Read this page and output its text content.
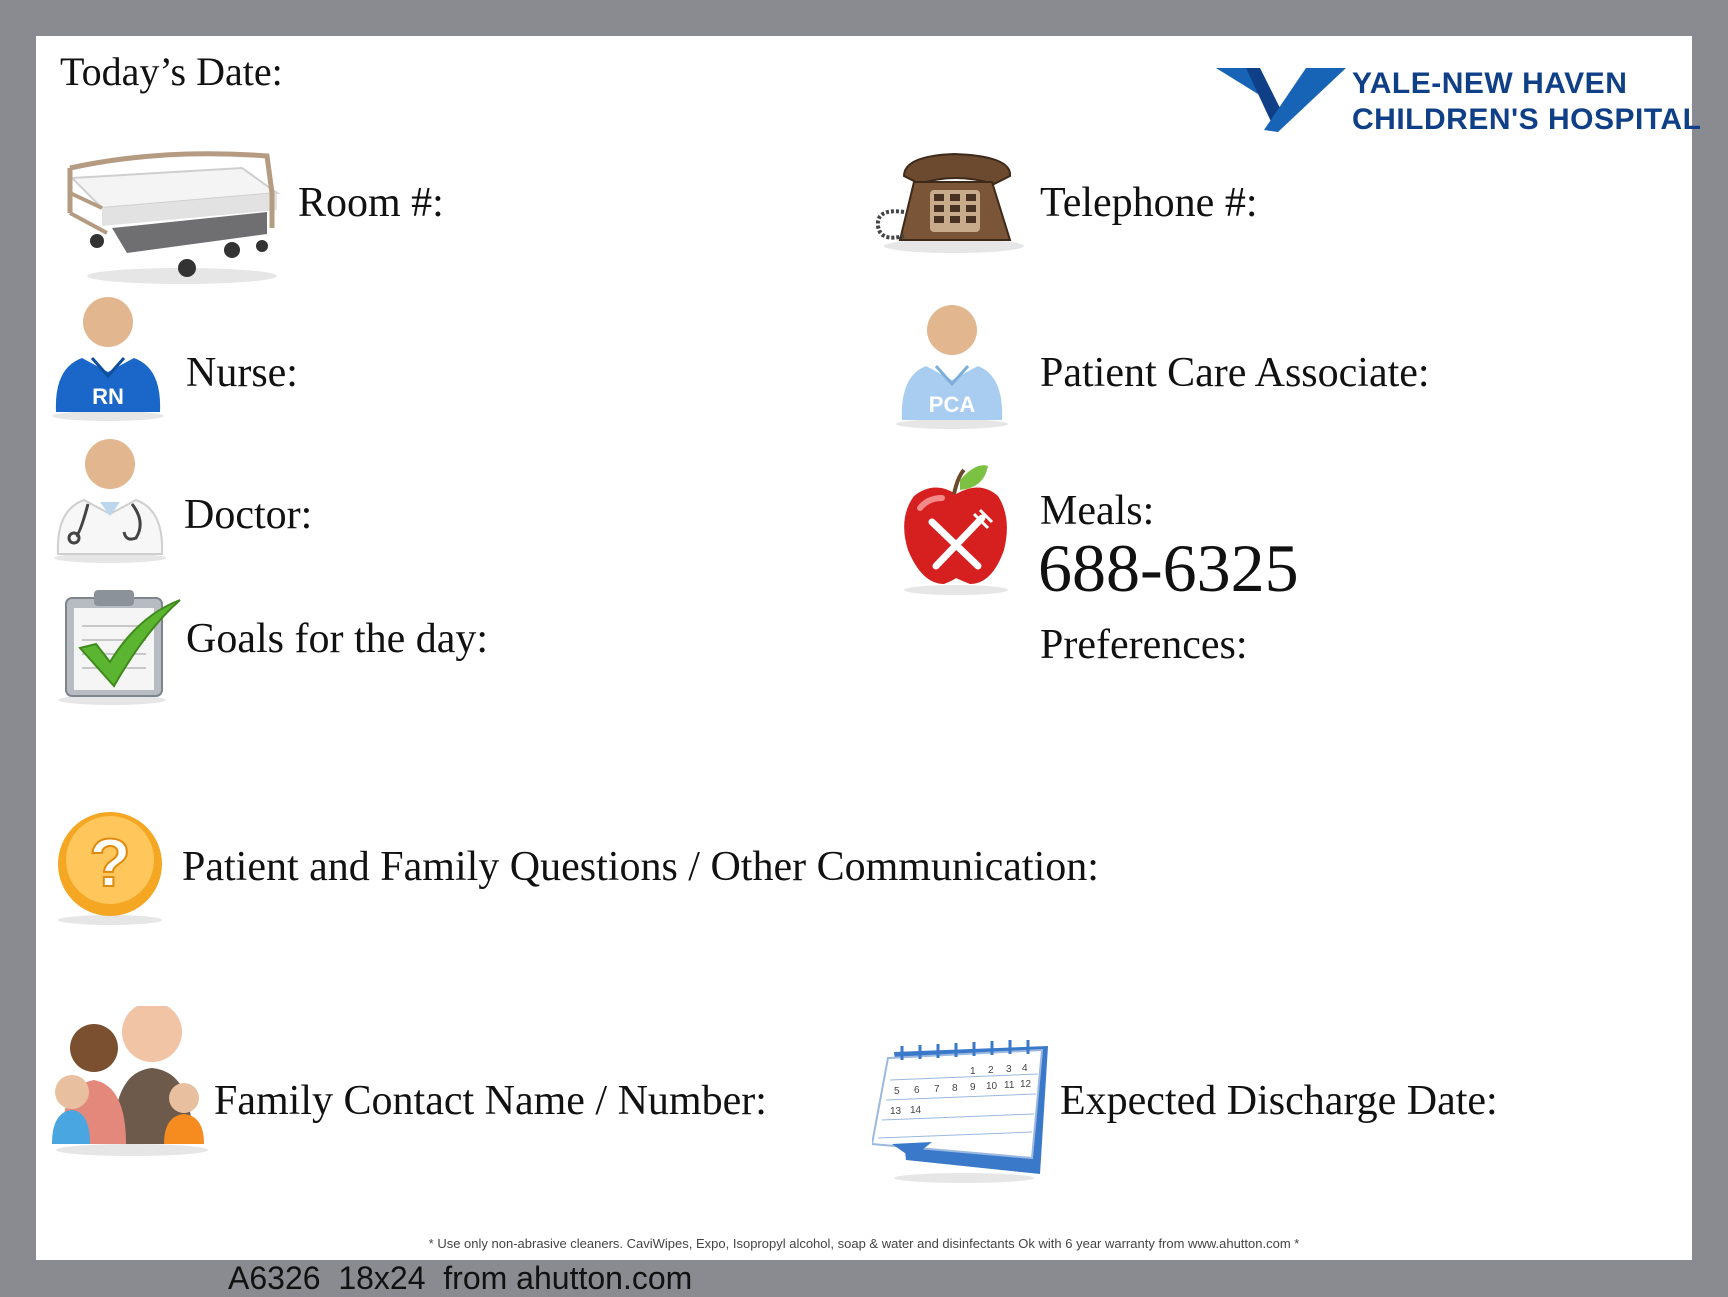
Today’s Date:	YALE-NEW HAVEN
CHILDREN'S HOSPITAL
Room #:	Telephone #:
RN
Nurse:
PCA
Patient Care Associate:
Doctor:	Meals:
688-6325
Preferences:
Goals for the day:
? Patient and Family Questions / Other Communication:
Family Contact Name / Number:
1 2 3 4
5 6 7 8 9 10 11 12
13 14	Expected Discharge Date:
* Use only non-abrasive cleaners. CaviWipes, Expo, Isopropyl alcohol, soap & water and disinfectants Ok with 6 year warranty from www.ahutton.com *
A6326  18x24  from ahutton.com
